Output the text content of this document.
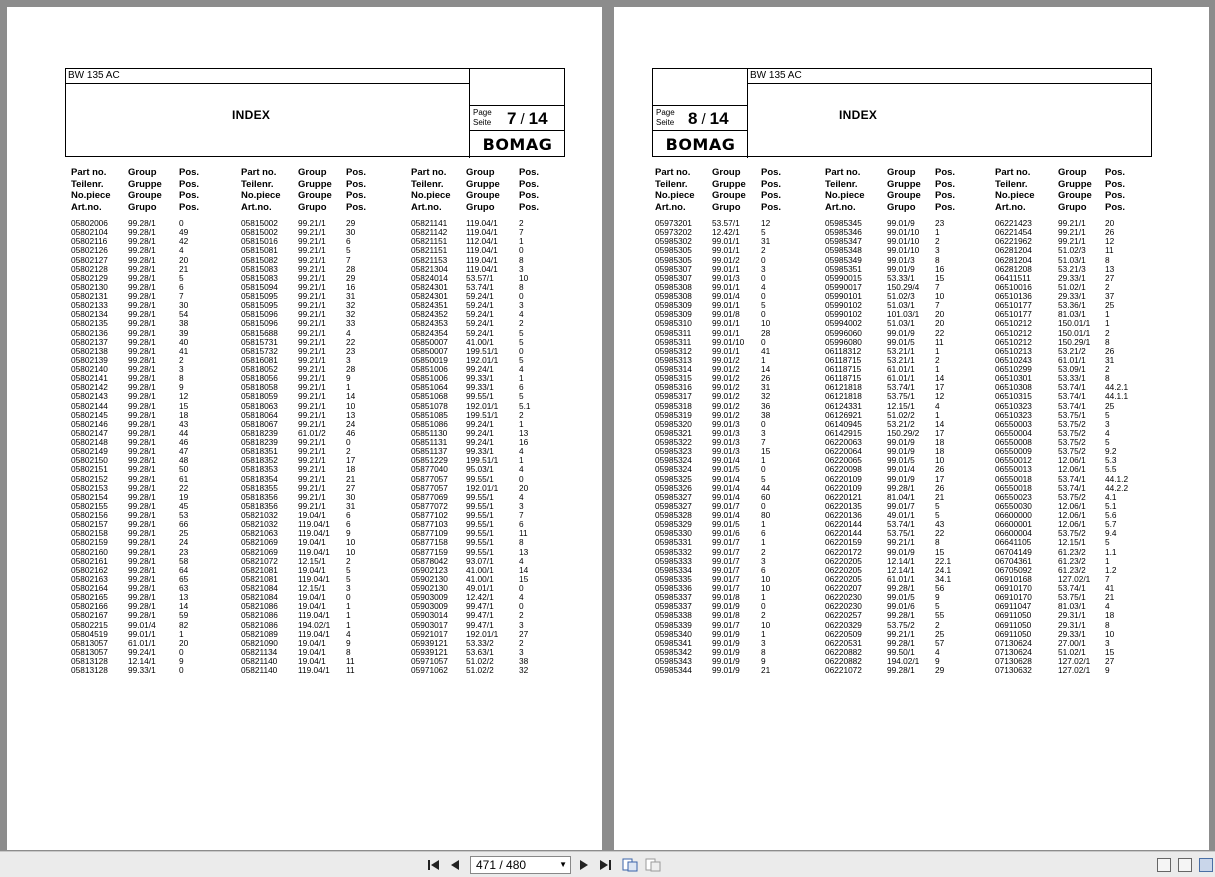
BW 135 AC
INDEX	Page
Seite 7 / 14
BOMAG
Part no.
Teilenr.
No.piece
Art.no.
Group
Gruppe
Groupe
Grupo
Pos.
Pos.
Pos.
Pos.
05802006	99.28/1	0
05802104	99.28/1	49
05802116	99.28/1	42
05802126	99.28/1	4
05802127	99.28/1	20
05802128	99.28/1	21
05802129	99.28/1	5
05802130	99.28/1	6
05802131	99.28/1	7
05802133	99.28/1	30
05802134	99.28/1	54
05802135	99.28/1	38
05802136	99.28/1	39
05802137	99.28/1	40
05802138	99.28/1	41
05802139	99.28/1	2
05802140	99.28/1	3
05802141	99.28/1	8
05802142	99.28/1	9
05802143	99.28/1	12
05802144	99.28/1	15
05802145	99.28/1	18
05802146	99.28/1	43
05802147	99.28/1	44
05802148	99.28/1	46
05802149	99.28/1	47
05802150	99.28/1	48
05802151	99.28/1	50
05802152	99.28/1	61
05802153	99.28/1	22
05802154	99.28/1	19
05802155	99.28/1	45
05802156	99.28/1	53
05802157	99.28/1	66
05802158	99.28/1	25
05802159	99.28/1	24
05802160	99.28/1	23
05802161	99.28/1	58
05802162	99.28/1	64
05802163	99.28/1	65
05802164	99.28/1	63
05802165	99.28/1	13
05802166	99.28/1	14
05802167	99.28/1	59
05802215	99.01/4	82
05804519	99.01/1	1
05813057	61.01/1	20
05813057	99.24/1	0
05813128	12.14/1	9
05813128	99.33/1	0
Part no.
Teilenr.
No.piece
Art.no.
Group
Gruppe
Groupe
Grupo
Pos.
Pos.
Pos.
Pos.
05815002	99.21/1	29
05815002	99.21/1	30
05815016	99.21/1	6
05815081	99.21/1	5
05815082	99.21/1	7
05815083	99.21/1	28
05815083	99.21/1	29
05815094	99.21/1	16
05815095	99.21/1	31
05815095	99.21/1	32
05815096	99.21/1	32
05815096	99.21/1	33
05815688	99.21/1	4
05815731	99.21/1	22
05815732	99.21/1	23
05816081	99.21/1	3
05818052	99.21/1	28
05818056	99.21/1	9
05818058	99.21/1	1
05818059	99.21/1	14
05818063	99.21/1	10
05818064	99.21/1	13
05818067	99.21/1	24
05818239	61.01/2	46
05818239	99.21/1	0
05818351	99.21/1	2
05818352	99.21/1	17
05818353	99.21/1	18
05818354	99.21/1	21
05818355	99.21/1	27
05818356	99.21/1	30
05818356	99.21/1	31
05821032	19.04/1	6
05821032	119.04/1	6
05821063	119.04/1	9
05821069	19.04/1	10
05821069	119.04/1	10
05821072	12.15/1	2
05821081	19.04/1	5
05821081	119.04/1	5
05821084	12.15/1	3
05821084	19.04/1	0
05821086	19.04/1	1
05821086	119.04/1	1
05821086	194.02/1	1
05821089	119.04/1	4
05821090	19.04/1	9
05821134	19.04/1	8
05821140	19.04/1	11
05821140	119.04/1	11
Part no.
Teilenr.
No.piece
Art.no.
Group
Gruppe
Groupe
Grupo
Pos.
Pos.
Pos.
Pos.
05821141	119.04/1	2
05821142	119.04/1	7
05821151	112.04/1	1
05821151	119.04/1	0
05821153	119.04/1	8
05821304	119.04/1	3
05824014	53.57/1	10
05824301	53.74/1	8
05824301	59.24/1	0
05824351	59.24/1	3
05824352	59.24/1	4
05824353	59.24/1	2
05824354	59.24/1	5
05850007	41.00/1	5
05850007	199.51/1	0
05850019	192.01/1	5
05851006	99.24/1	4
05851006	99.33/1	1
05851064	99.33/1	6
05851068	99.55/1	5
05851078	192.01/1	5.1
05851085	199.51/1	2
05851086	99.24/1	1
05851130	99.24/1	13
05851131	99.24/1	16
05851137	99.33/1	4
05851229	199.51/1	1
05877040	95.03/1	4
05877057	99.55/1	0
05877057	192.01/1	20
05877069	99.55/1	4
05877072	99.55/1	3
05877102	99.55/1	7
05877103	99.55/1	6
05877109	99.55/1	11
05877158	99.55/1	8
05877159	99.55/1	13
05878042	93.07/1	4
05902123	41.00/1	14
05902130	41.00/1	15
05902130	49.01/1	0
05903009	12.42/1	4
05903009	99.47/1	0
05903014	99.47/1	2
05903017	99.47/1	3
05921017	192.01/1	27
05939121	53.33/2	2
05939121	53.63/1	3
05971057	51.02/2	38
05971062	51.02/2	32
BW 135 AC
Page
Seite 8 / 14
BOMAG
INDEX
Part no.
Teilenr.
No.piece
Art.no.
Group
Gruppe
Groupe
Grupo
Pos.
Pos.
Pos.
Pos.
05973201	53.57/1	12
05973202	12.42/1	5
05985302	99.01/1	31
05985305	99.01/1	2
05985305	99.01/2	0
05985307	99.01/1	3
05985307	99.01/3	0
05985308	99.01/1	4
05985308	99.01/4	0
05985309	99.01/1	5
05985309	99.01/8	0
05985310	99.01/1	10
05985311	99.01/1	28
05985311	99.01/10	0
05985312	99.01/1	41
05985313	99.01/2	1
05985314	99.01/2	14
05985315	99.01/2	26
05985316	99.01/2	31
05985317	99.01/2	32
05985318	99.01/2	36
05985319	99.01/2	38
05985320	99.01/3	0
05985321	99.01/3	3
05985322	99.01/3	7
05985323	99.01/3	15
05985324	99.01/4	1
05985324	99.01/5	0
05985325	99.01/4	5
05985326	99.01/4	44
05985327	99.01/4	60
05985327	99.01/7	0
05985328	99.01/4	80
05985329	99.01/5	1
05985330	99.01/6	6
05985331	99.01/7	1
05985332	99.01/7	2
05985333	99.01/7	3
05985334	99.01/7	6
05985335	99.01/7	10
05985336	99.01/7	10
05985337	99.01/8	1
05985337	99.01/9	0
05985338	99.01/8	2
05985339	99.01/7	10
05985340	99.01/9	1
05985341	99.01/9	3
05985342	99.01/9	8
05985343	99.01/9	9
05985344	99.01/9	21
Part no.
Teilenr.
No.piece
Art.no.
Group
Gruppe
Groupe
Grupo
Pos.
Pos.
Pos.
Pos.
05985345	99.01/9	23
05985346	99.01/10	1
05985347	99.01/10	2
05985348	99.01/10	3
05985349	99.01/3	8
05985351	99.01/9	16
05990015	53.33/1	15
05990017	150.29/4	7
05990101	51.02/3	10
05990102	51.03/1	7
05990102	101.03/1	20
05994002	51.03/1	20
05996060	99.01/9	22
05996080	99.01/5	11
06118312	53.21/1	1
06118715	53.21/1	2
06118715	61.01/1	1
06118715	61.01/1	14
06121818	53.74/1	17
06121818	53.75/1	12
06124331	12.15/1	4
06126921	51.02/2	1
06140945	53.21/2	14
06142915	150.29/2	17
06220063	99.01/9	18
06220064	99.01/9	18
06220065	99.01/5	10
06220098	99.01/4	26
06220109	99.01/9	17
06220109	99.28/1	26
06220121	81.04/1	21
06220135	99.01/7	5
06220136	49.01/1	5
06220144	53.74/1	43
06220144	53.75/1	22
06220159	99.21/1	8
06220172	99.01/9	15
06220205	12.14/1	22.1
06220205	12.14/1	24.1
06220205	61.01/1	34.1
06220207	99.28/1	56
06220230	99.01/5	9
06220230	99.01/6	5
06220257	99.28/1	55
06220329	53.75/2	2
06220509	99.21/1	25
06220531	99.28/1	57
06220882	99.50/1	4
06220882	194.02/1	9
06221072	99.28/1	29
Part no.
Teilenr.
No.piece
Art.no.
Group
Gruppe
Groupe
Grupo
Pos.
Pos.
Pos.
Pos.
06221423	99.21/1	20
06221454	99.21/1	26
06221962	99.21/1	12
06281204	51.02/3	11
06281204	51.03/1	8
06281208	53.21/3	13
06411511	29.33/1	27
06510016	51.02/1	2
06510136	29.33/1	37
06510177	53.36/1	25
06510177	81.03/1	1
06510212	150.01/1	1
06510212	150.01/1	2
06510212	150.29/1	8
06510213	53.21/2	26
06510243	61.01/1	31
06510299	53.09/1	2
06510301	53.33/1	8
06510308	53.74/1	44.2.1
06510315	53.74/1	44.1.1
06510323	53.74/1	25
06510323	53.75/1	5
06550003	53.75/2	3
06550004	53.75/2	4
06550008	53.75/2	5
06550009	53.75/2	9.2
06550012	12.06/1	5.3
06550013	12.06/1	5.5
06550018	53.74/1	44.1.2
06550018	53.74/1	44.2.2
06550023	53.75/2	4.1
06550030	12.06/1	5.1
06600000	12.06/1	5.6
06600001	12.06/1	5.7
06600004	53.75/2	9.4
06641105	12.15/1	5
06704149	61.23/2	1.1
06704361	61.23/2	1
06705092	61.23/2	1.2
06910168	127.02/1	7
06910170	53.74/1	41
06910170	53.75/1	21
06911047	81.03/1	4
06911050	29.31/1	18
06911050	29.31/1	8
06911050	29.33/1	10
07130624	27.00/1	3
07130624	51.02/1	15
07130628	127.02/1	27
07130632	127.02/1	9
471 / 480	▼
